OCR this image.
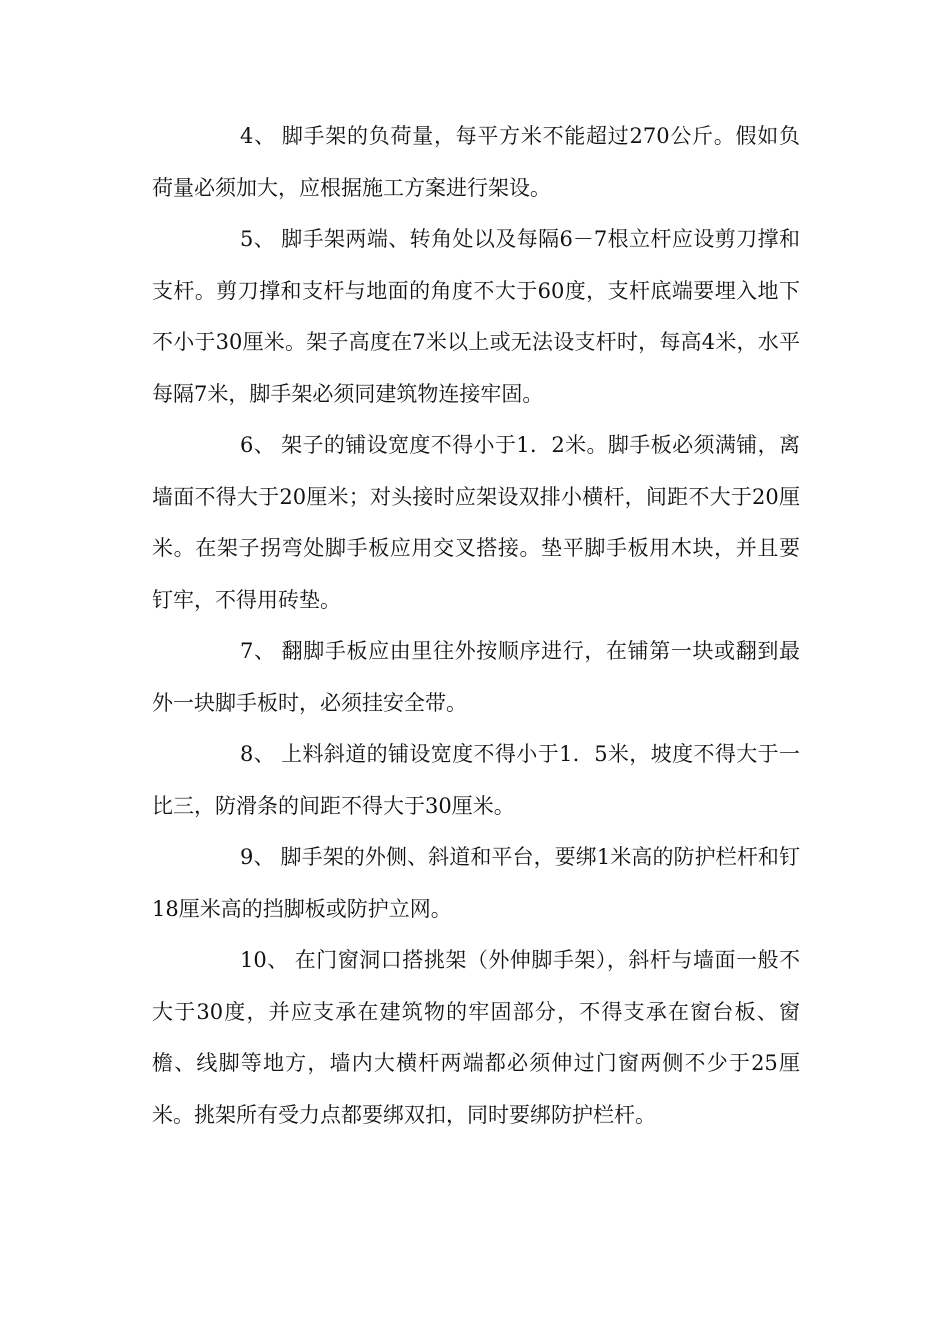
4、 脚手架的负荷量，每平方米不能超过270公斤。假如负荷量必须加大，应根据施工方案进行架设。

5、 脚手架两端、转角处以及每隔6－7根立杆应设剪刀撑和支杆。剪刀撑和支杆与地面的角度不大于60度，支杆底端要埋入地下不小于30厘米。架子高度在7米以上或无法设支杆时，每高4米，水平每隔7米，脚手架必须同建筑物连接牢固。

6、 架子的铺设宽度不得小于1．2米。脚手板必须满铺，离墙面不得大于20厘米；对头接时应架设双排小横杆，间距不大于20厘米。在架子拐弯处脚手板应用交叉搭接。垫平脚手板用木块，并且要钉牢，不得用砖垫。

7、 翻脚手板应由里往外按顺序进行，在铺第一块或翻到最外一块脚手板时，必须挂安全带。

8、 上料斜道的铺设宽度不得小于1．5米，坡度不得大于一比三，防滑条的间距不得大于30厘米。

9、 脚手架的外侧、斜道和平台，要绑1米高的防护栏杆和钉18厘米高的挡脚板或防护立网。

10、 在门窗洞口搭挑架（外伸脚手架），斜杆与墙面一般不大于30度，并应支承在建筑物的牢固部分，不得支承在窗台板、窗檐、线脚等地方，墙内大横杆两端都必须伸过门窗两侧不少于25厘米。挑架所有受力点都要绑双扣，同时要绑防护栏杆。
